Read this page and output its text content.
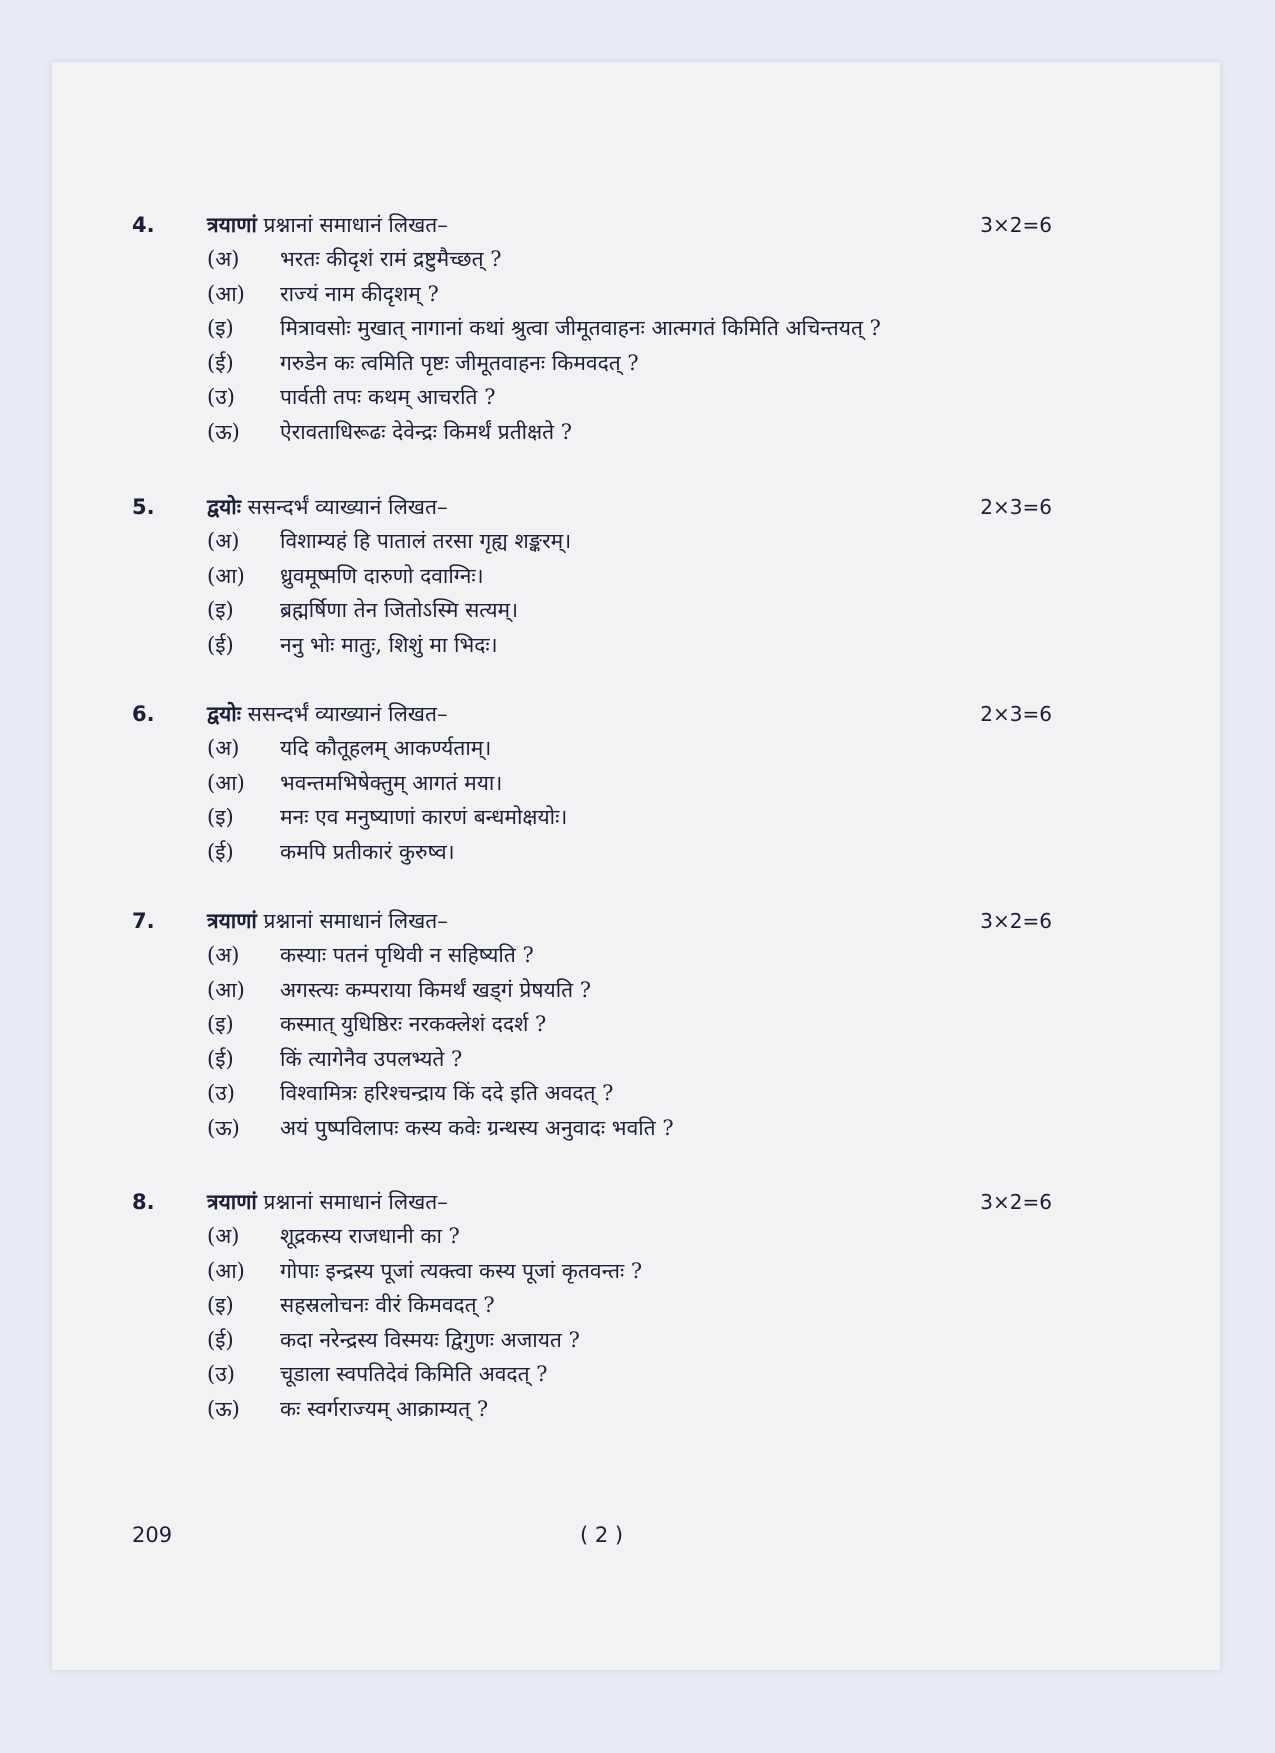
4. त्रयाणां प्रश्नानां समाधानं लिखत–	3×2=6
(अ) भरतः कीदृशं रामं द्रष्टुमैच्छत् ?
(आ) राज्यं नाम कीदृशम् ?
(इ) मित्रावसोः मुखात् नागानां कथां श्रुत्वा जीमूतवाहनः आत्मगतं किमिति अचिन्तयत् ?
(ई) गरुडेन कः त्वमिति पृष्टः जीमूतवाहनः किमवदत् ?
(उ) पार्वती तपः कथम् आचरति ?
(ऊ) ऐरावताधिरूढः देवेन्द्रः किमर्थं प्रतीक्षते ?
5. द्वयोः ससन्दर्भं व्याख्यानं लिखत–	2×3=6
(अ) विशाम्यहं हि पातालं तरसा गृह्य शङ्करम्।
(आ) ध्रुवमूष्मणि दारुणो दवाग्निः।
(इ) ब्रह्मर्षिणा तेन जितोऽस्मि सत्यम्।
(ई) ननु भोः मातुः, शिशुं मा भिदः।
6. द्वयोः ससन्दर्भं व्याख्यानं लिखत–	2×3=6
(अ) यदि कौतूहलम् आकर्ण्यताम्।
(आ) भवन्तमभिषेक्तुम् आगतं मया।
(इ) मनः एव मनुष्याणां कारणं बन्धमोक्षयोः।
(ई) कमपि प्रतीकारं कुरुष्व।
7. त्रयाणां प्रश्नानां समाधानं लिखत–	3×2=6
(अ) कस्याः पतनं पृथिवी न सहिष्यति ?
(आ) अगस्त्यः कम्पराया किमर्थं खड्गं प्रेषयति ?
(इ) कस्मात् युधिष्ठिरः नरकक्लेशं ददर्श ?
(ई) किं त्यागेनैव उपलभ्यते ?
(उ) विश्वामित्रः हरिश्चन्द्राय किं ददे इति अवदत् ?
(ऊ) अयं पुष्पविलापः कस्य कवेः ग्रन्थस्य अनुवादः भवति ?
8. त्रयाणां प्रश्नानां समाधानं लिखत–	3×2=6
(अ) शूद्रकस्य राजधानी का ?
(आ) गोपाः इन्द्रस्य पूजां त्यक्त्वा कस्य पूजां कृतवन्तः ?
(इ) सहस्रलोचनः वीरं किमवदत् ?
(ई) कदा नरेन्द्रस्य विस्मयः द्विगुणः अजायत ?
(उ) चूडाला स्वपतिदेवं किमिति अवदत् ?
(ऊ) कः स्वर्गराज्यम् आक्राम्यत् ?
209	( 2 )
